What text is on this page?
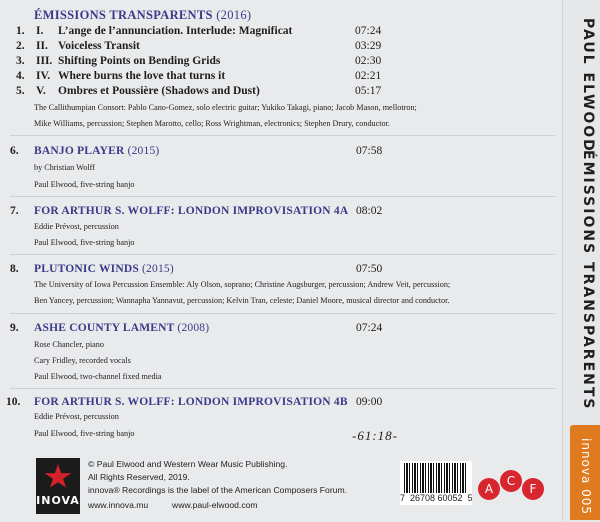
ÉMISSIONS TRANSPARENTS (2016)
1. I. L’ange de l’annunciation. Interlude: Magnificat	07:24
2. II. Voiceless Transit	03:29
3. III. Shifting Points on Bending Grids	02:30
4. IV. Where burns the love that turns it	02:21
5. V. Ombres et Poussière (Shadows and Dust)	05:17
The Callithumpian Consort: Pablo Cano-Gomez, solo electric guitar; Yukiko Takagi, piano; Jacob Mason, mellotron;
Mike Williams, percussion; Stephen Marotto, cello; Ross Wrightman, electronics; Stephen Drury, conductor.
6. BANJO PLAYER (2015)	07:58
by Christian Wolff
Paul Elwood, five-string banjo
7. FOR ARTHUR S. WOLFF: LONDON IMPROVISATION 4A 08:02
Eddie Prévost, percussion
Paul Elwood, five-string banjo
8. PLUTONIC WINDS (2015)	07:50
The University of Iowa Percussion Ensemble: Aly Olson, soprano; Christine Augsburger, percussion; Andrew Veit, percussion;
Ben Yancey, percussion; Wannapha Yannavut, percussion; Kelvin Tran, celeste; Daniel Moore, musical director and conductor.
9. ASHE COUNTY LAMENT (2008)	07:24
Rose Chancler, piano
Cary Fridley, recorded vocals
Paul Elwood, two-channel fixed media
10. FOR ARTHUR S. WOLFF: LONDON IMPROVISATION 4B 09:00
Eddie Prévost, percussion
Paul Elwood, five-string banjo	-61:18-
INOVA
© Paul Elwood and Western Wear Music Publishing.
All Rights Reserved, 2019.
innova® Recordings is the label of the American Composers Forum.
www.innova.mu          www.paul-elwood.com
7  26708 60052  5
A
C
F
PAUL ELWOOD
ÉMISSIONS TRANSPARENTS
innova 005
